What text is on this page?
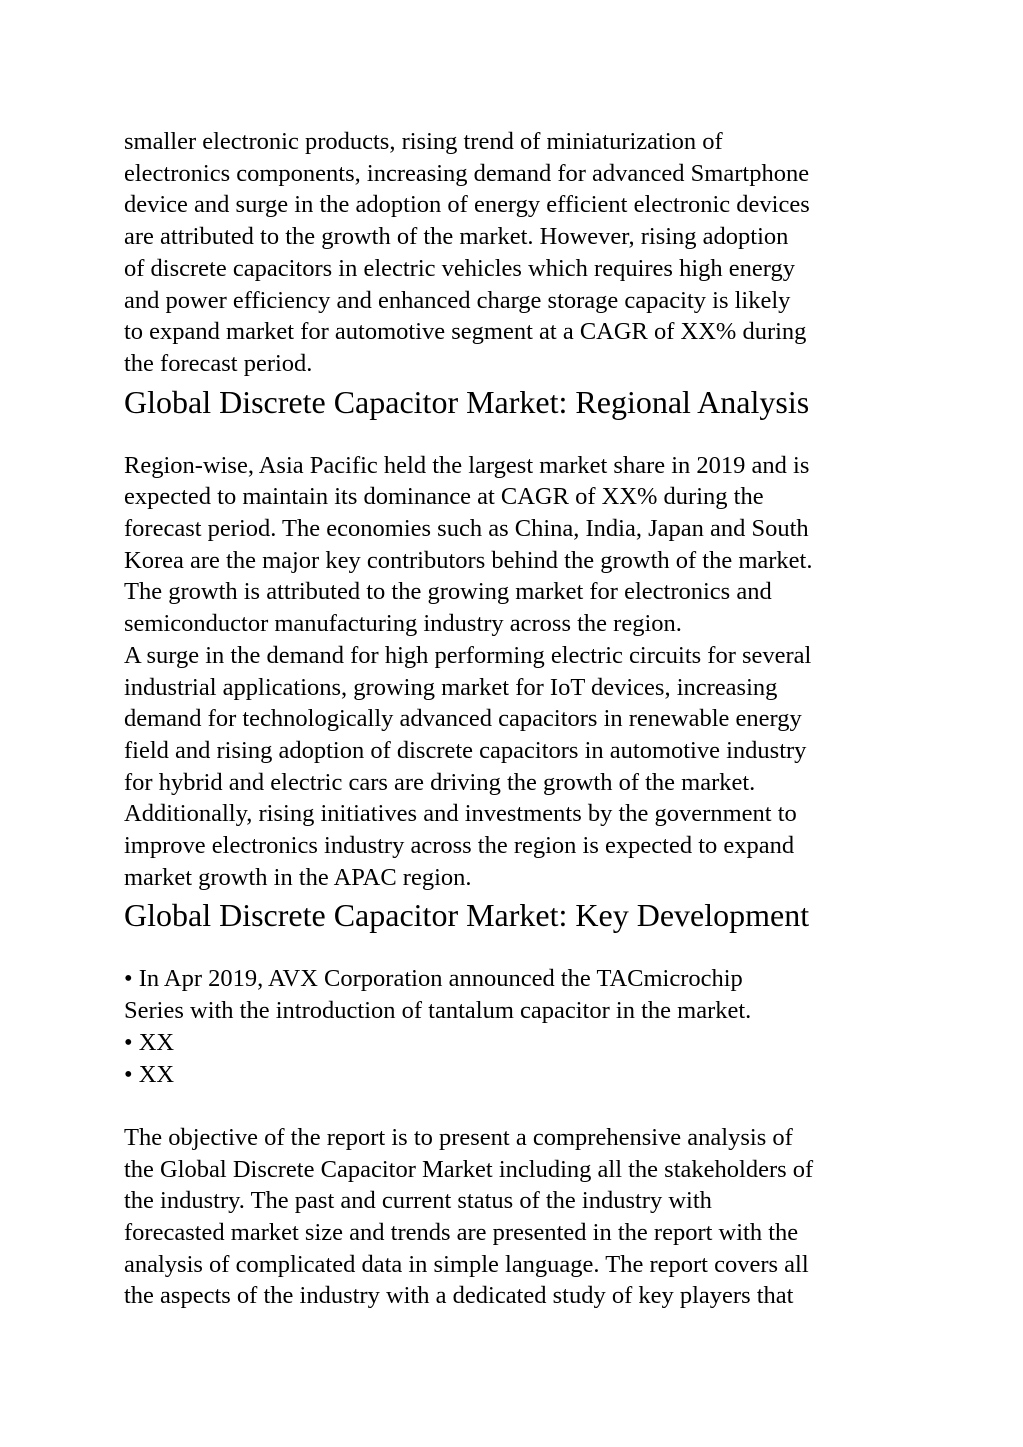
smaller electronic products, rising trend of miniaturization of
electronics components, increasing demand for advanced Smartphone
device and surge in the adoption of energy efficient electronic devices
are attributed to the growth of the market. However, rising adoption
of discrete capacitors in electric vehicles which requires high energy
and power efficiency and enhanced charge storage capacity is likely
to expand market for automotive segment at a CAGR of XX% during
the forecast period.

Global Discrete Capacitor Market: Regional Analysis

Region-wise, Asia Pacific held the largest market share in 2019 and is
expected to maintain its dominance at CAGR of XX% during the
forecast period. The economies such as China, India, Japan and South
Korea are the major key contributors behind the growth of the market.
The growth is attributed to the growing market for electronics and
semiconductor manufacturing industry across the region.
A surge in the demand for high performing electric circuits for several
industrial applications, growing market for IoT devices, increasing
demand for technologically advanced capacitors in renewable energy
field and rising adoption of discrete capacitors in automotive industry
for hybrid and electric cars are driving the growth of the market.
Additionally, rising initiatives and investments by the government to
improve electronics industry across the region is expected to expand
market growth in the APAC region.

Global Discrete Capacitor Market: Key Development

• In Apr 2019, AVX Corporation announced the TACmicrochip
Series with the introduction of tantalum capacitor in the market.
• XX
• XX

The objective of the report is to present a comprehensive analysis of
the Global Discrete Capacitor Market including all the stakeholders of
the industry. The past and current status of the industry with
forecasted market size and trends are presented in the report with the
analysis of complicated data in simple language. The report covers all
the aspects of the industry with a dedicated study of key players that
